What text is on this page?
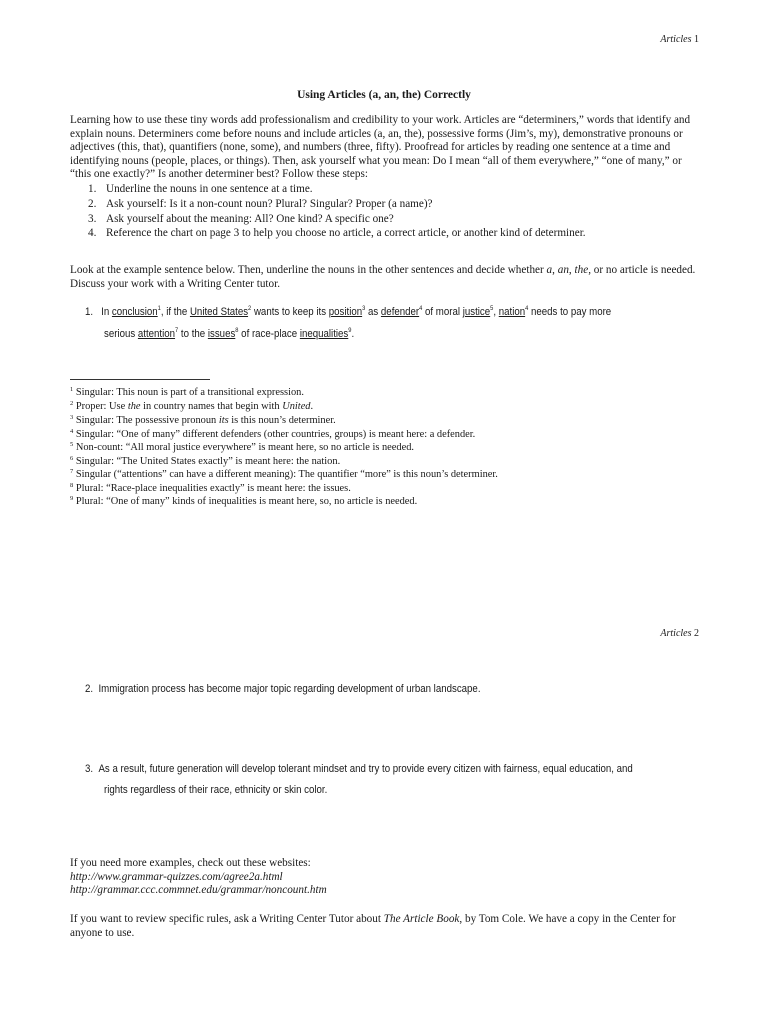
Articles 1
Using Articles (a, an, the) Correctly
Learning how to use these tiny words add professionalism and credibility to your work. Articles are “determiners,” words that identify and explain nouns. Determiners come before nouns and include articles (a, an, the), possessive forms (Jim’s, my), demonstrative pronouns or adjectives (this, that), quantifiers (none, some), and numbers (three, fifty). Proofread for articles by reading one sentence at a time and identifying nouns (people, places, or things). Then, ask yourself what you mean: Do I mean “all of them everywhere,” “one of many,” or “this one exactly?” Is another determiner best? Follow these steps:
1. Underline the nouns in one sentence at a time.
2. Ask yourself: Is it a non-count noun? Plural? Singular? Proper (a name)?
3. Ask yourself about the meaning: All? One kind? A specific one?
4. Reference the chart on page 3 to help you choose no article, a correct article, or another kind of determiner.
Look at the example sentence below. Then, underline the nouns in the other sentences and decide whether a, an, the, or no article is needed. Discuss your work with a Writing Center tutor.
1. In conclusion$^1$, if the United States$^2$ wants to keep its position$^3$ as defender$^4$ of moral justice$^5$, nation$^4$ needs to pay more
serious attention$^7$ to the issues$^8$ of race-place inequalities$^9$.
$^1$ Singular: This noun is part of a transitional expression.
$^2$ Proper: Use the in country names that begin with United.
$^3$ Singular: The possessive pronoun its is this noun’s determiner.
$^4$ Singular: “One of many” different defenders (other countries, groups) is meant here: a defender.
$^5$ Non-count: “All moral justice everywhere” is meant here, so no article is needed.
$^6$ Singular: “The United States exactly” is meant here: the nation.
$^7$ Singular (“attentions” can have a different meaning): The quantifier “more” is this noun’s determiner.
$^8$ Plural: “Race-place inequalities exactly” is meant here: the issues.
$^9$ Plural: “One of many” kinds of inequalities is meant here, so, no article is needed.
Articles 2
2. Immigration process has become major topic regarding development of urban landscape.
3. As a result, future generation will develop tolerant mindset and try to provide every citizen with fairness, equal education, and
rights regardless of their race, ethnicity or skin color.
If you need more examples, check out these websites:
http://www.grammar-quizzes.com/agree2a.html
http://grammar.ccc.commnet.edu/grammar/noncount.htm
If you want to review specific rules, ask a Writing Center Tutor about The Article Book, by Tom Cole. We have a copy in the Center for anyone to use.
